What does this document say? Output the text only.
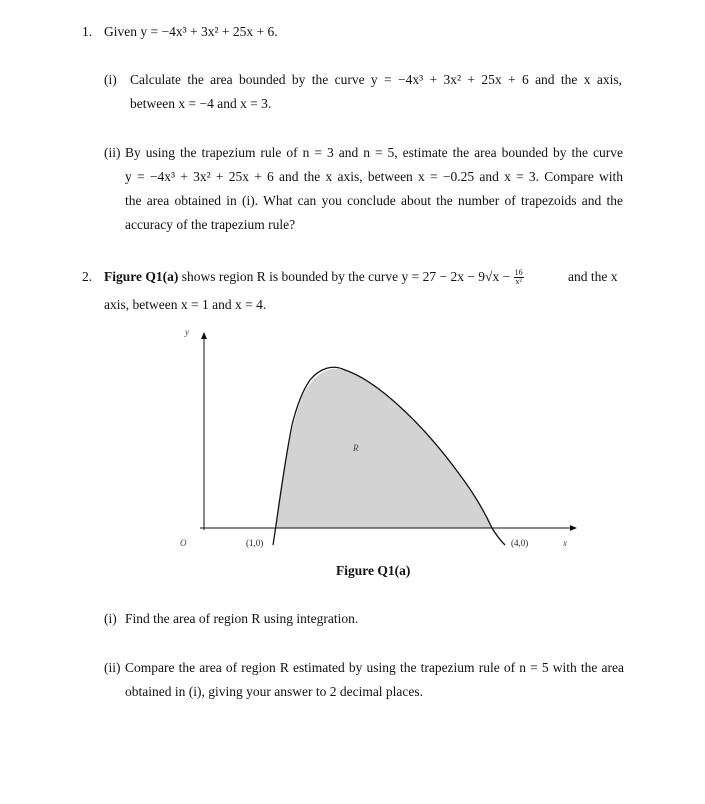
1. Given y = −4x³ + 3x² + 25x + 6.
(i) Calculate the area bounded by the curve y = −4x³ + 3x² + 25x + 6 and the x axis,
between x = −4 and x = 3.
(ii) By using the trapezium rule of n = 3 and n = 5, estimate the area bounded by the curve
y = −4x³ + 3x² + 25x + 6 and the x axis, between x = −0.25 and x = 3. Compare with
the area obtained in (i). What can you conclude about the number of trapezoids and the
accuracy of the trapezium rule?
2. Figure Q1(a) shows region R is bounded by the curve $y = 27 - 2x - 9√x - \frac{16}{\text{x²}}$	and the x
axis, between x = 1 and x = 4.
y
x
O
R
(1,0)	(4,0)
Figure Q1(a)
(i) Find the area of region R using integration.
(ii) Compare the area of region R estimated by using the trapezium rule of n = 5 with the area
obtained in (i), giving your answer to 2 decimal places.
